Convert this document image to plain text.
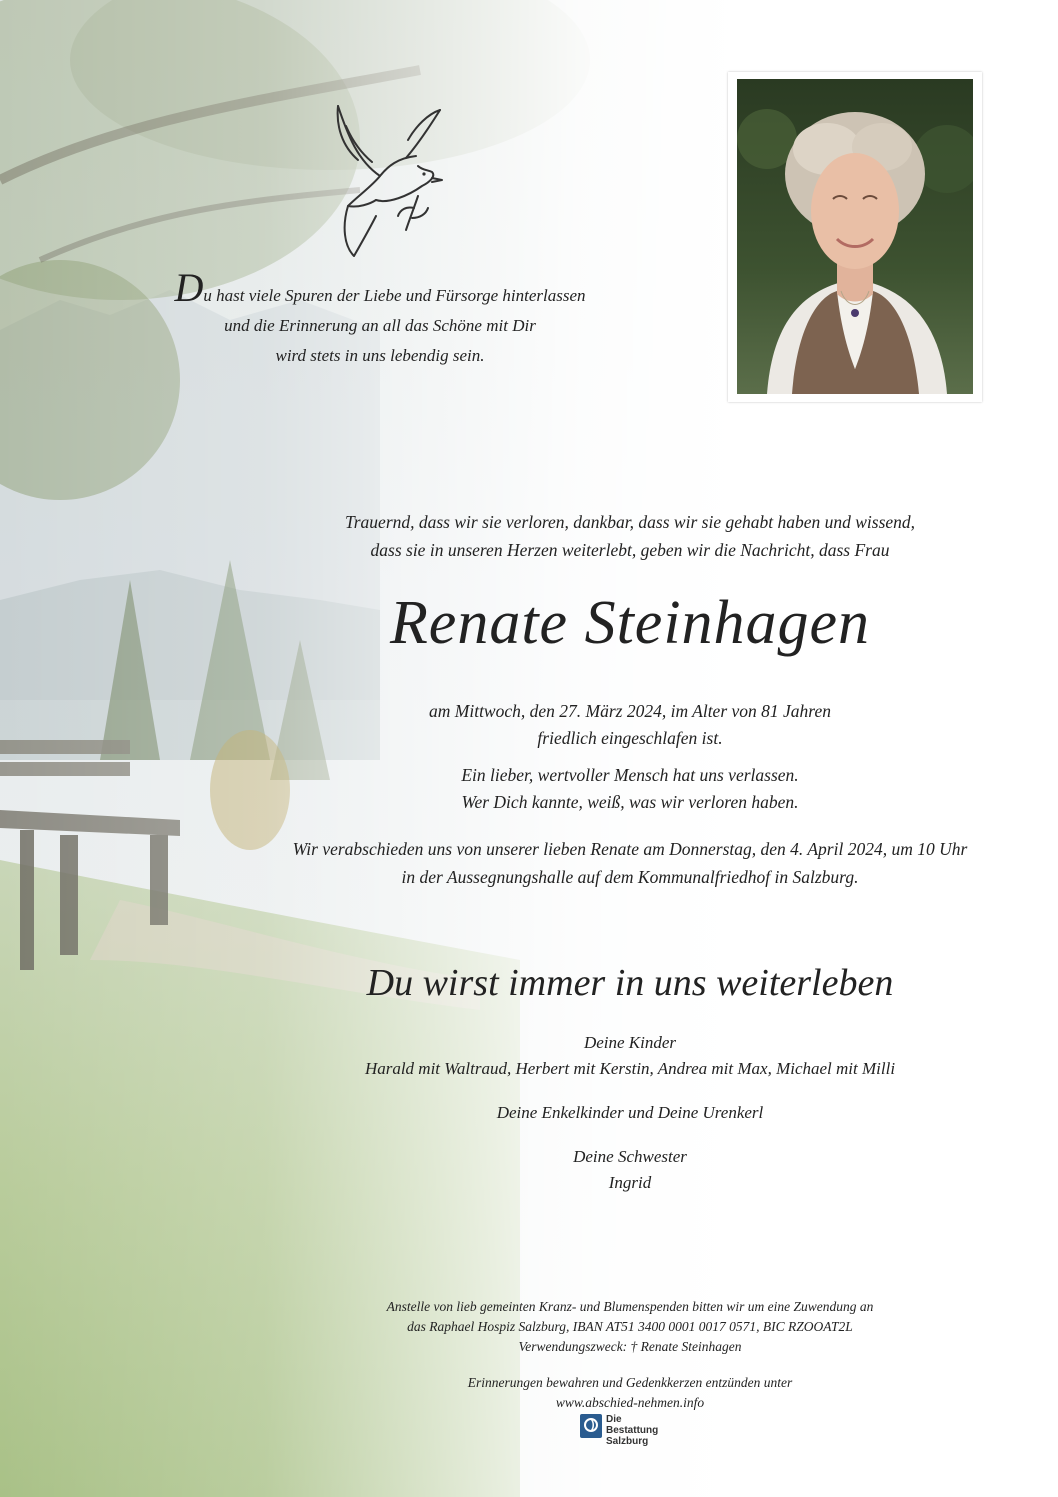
Du hast viele Spuren der Liebe und Fürsorge hinterlassen
und die Erinnerung an all das Schöne mit Dir
wird stets in uns lebendig sein.
Trauernd, dass wir sie verloren, dankbar, dass wir sie gehabt haben und wissend,
dass sie in unseren Herzen weiterlebt, geben wir die Nachricht, dass Frau
Renate Steinhagen
am Mittwoch, den 27. März 2024, im Alter von 81 Jahren
friedlich eingeschlafen ist.
Ein lieber, wertvoller Mensch hat uns verlassen.
Wer Dich kannte, weiß, was wir verloren haben.
Wir verabschieden uns von unserer lieben Renate am Donnerstag, den 4. April 2024, um 10 Uhr
in der Aussegnungshalle auf dem Kommunalfriedhof in Salzburg.
Du wirst immer in uns weiterleben
Deine Kinder
Harald mit Waltraud, Herbert mit Kerstin, Andrea mit Max, Michael mit Milli
Deine Enkelkinder und Deine Urenkerl
Deine Schwester
Ingrid
Anstelle von lieb gemeinten Kranz- und Blumenspenden bitten wir um eine Zuwendung an
das Raphael Hospiz Salzburg, IBAN AT51 3400 0001 0017 0571, BIC RZOOAT2L
Verwendungszweck: † Renate Steinhagen
Erinnerungen bewahren und Gedenkkerzen entzünden unter
www.abschied-nehmen.info
Die Bestattung
Salzburg
